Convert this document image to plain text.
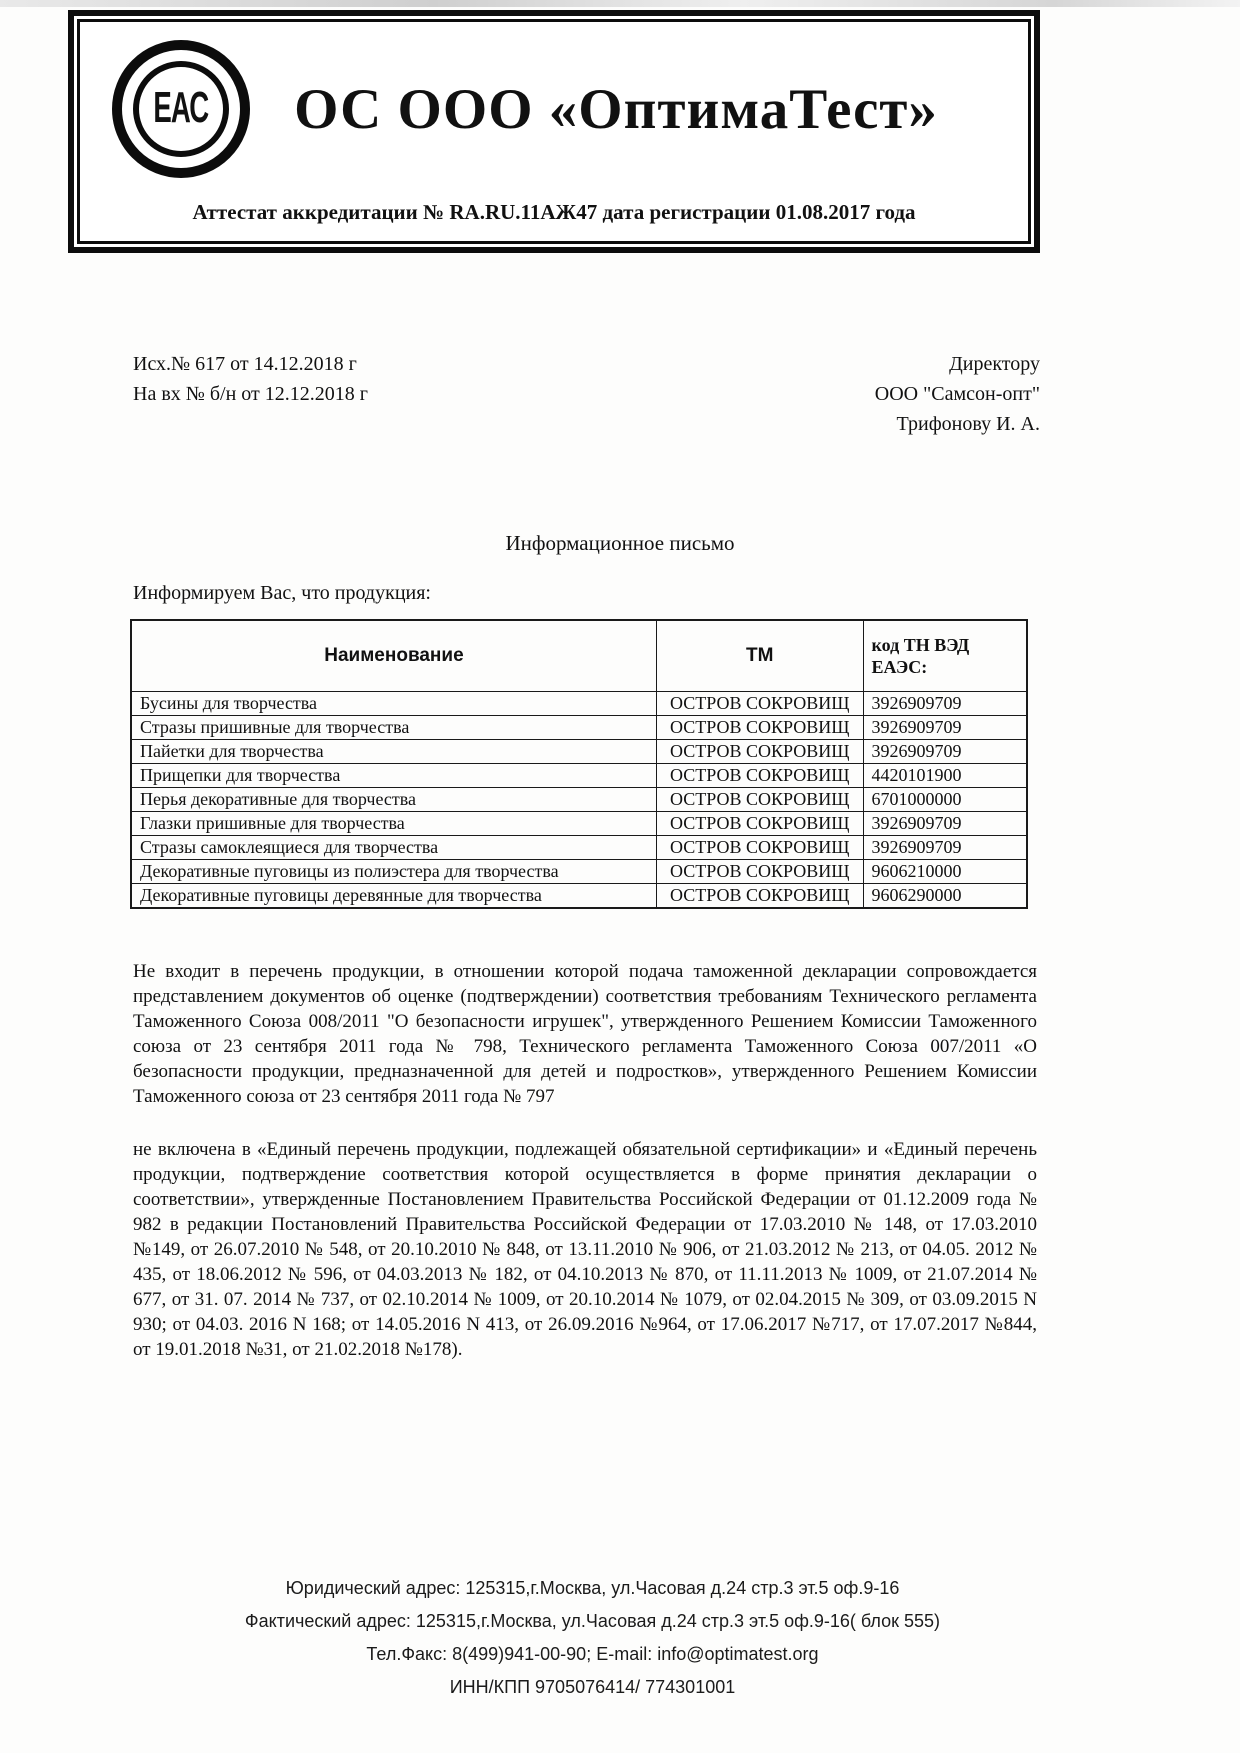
ЕАС	ОС ООО «ОптимаТест»
Аттестат аккредитации № RA.RU.11АЖ47 дата регистрации 01.08.2017 года
Исх.№ 617 от 14.12.2018 г
На вх № б/н от 12.12.2018 г
Директору
ООО "Самсон-опт"
Трифонову И. А.
Информационное письмо
Информируем Вас, что продукция:
Наименование	ТМ	код ТН ВЭД ЕАЭС:
Бусины для творчества	ОСТРОВ СОКРОВИЩ	3926909709
Стразы пришивные для творчества	ОСТРОВ СОКРОВИЩ	3926909709
Пайетки для творчества	ОСТРОВ СОКРОВИЩ	3926909709
Прищепки для творчества	ОСТРОВ СОКРОВИЩ	4420101900
Перья декоративные для творчества	ОСТРОВ СОКРОВИЩ	6701000000
Глазки пришивные для творчества	ОСТРОВ СОКРОВИЩ	3926909709
Стразы самоклеящиеся для творчества	ОСТРОВ СОКРОВИЩ	3926909709
Декоративные пуговицы из полиэстера для творчества	ОСТРОВ СОКРОВИЩ	9606210000
Декоративные пуговицы деревянные для творчества	ОСТРОВ СОКРОВИЩ	9606290000
Не входит в перечень продукции, в отношении которой подача таможенной декларации сопровождается представлением документов об оценке (подтверждении) соответствия требованиям Технического регламента Таможенного Союза 008/2011 "О безопасности игрушек", утвержденного Решением Комиссии Таможенного союза от 23 сентября 2011 года № 798, Технического регламента Таможенного Союза 007/2011 «О безопасности продукции, предназначенной для детей и подростков», утвержденного Решением Комиссии Таможенного союза от 23 сентября 2011 года № 797
не включена в «Единый перечень продукции, подлежащей обязательной сертификации» и «Единый перечень продукции, подтверждение соответствия которой осуществляется в форме принятия декларации о соответствии», утвержденные Постановлением Правительства Российской Федерации от 01.12.2009 года № 982 в редакции Постановлений Правительства Российской Федерации от 17.03.2010 № 148, от 17.03.2010 №149, от 26.07.2010 № 548, от 20.10.2010 № 848, от 13.11.2010 № 906, от 21.03.2012 № 213, от 04.05. 2012 № 435, от 18.06.2012 № 596, от 04.03.2013 № 182, от 04.10.2013 № 870, от 11.11.2013 № 1009, от 21.07.2014 № 677, от 31. 07. 2014 № 737, от 02.10.2014 № 1009, от 20.10.2014 № 1079, от 02.04.2015 № 309, от 03.09.2015 N 930; от 04.03. 2016 N 168; от 14.05.2016 N 413, от 26.09.2016 №964, от 17.06.2017 №717, от 17.07.2017 №844, от 19.01.2018 №31, от 21.02.2018 №178).
Юридический адрес: 125315,г.Москва, ул.Часовая д.24 стр.3 эт.5 оф.9-16
Фактический адрес: 125315,г.Москва, ул.Часовая д.24 стр.3 эт.5 оф.9-16( блок 555)
Тел.Факс: 8(499)941-00-90; E-mail: info@optimatest.org
ИНН/КПП 9705076414/ 774301001
